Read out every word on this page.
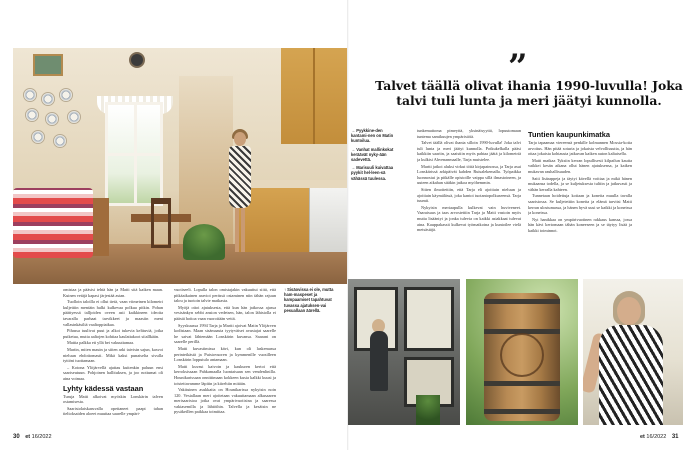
”
Talvet täällä olivat ihania 1990-luvulla! Joka talvi tuli lunta ja meri jäätyi kunnolla.

→ Pyykkine-den kantami-nen on Matin kuntoilua.

→ Vanhat mallinkokat keräävät nyky-ään sadevettä.

→ Marisuuli kuivattaa pyykit hel-leen-sä vähässä tuulessa.

↑ Sisäovissa ei ole, mutta ham-maspeset ja kampaamiset tapahtuvat tuvassa ajatuksen-vai pesuallaan äärellä.

omistaa ja pääsisi tehtä hän ja Matti sitä kaiken maan. Kuinen vetäjä kapasi järjestää astan.

Tuolloin taloilla ei ollut tietä, vaan viimeinen kilometri kuljettiin mentäin halki kulkevaa polkua pitkin. Pohan päättyessä talljoiden oveen asti kaikkineen ideoita tavaralla parhaat tarvikkeet ja maasiin meni vallasinkäsiltä vaaltoppiaikaa.

Pihassa tuulivat puut ja alkoi tukevia kelttuviä, jotka putketua, mutta aaltojen kohtiaa kaulattakoot siiallkään.

Mattia palkka eti yllä bei vakuuttamaa.

Martin, miten mauin ja siiten arki taivisin sajun, kasvoi nieluun ehdottomasti. Mikä kaksi punaiselta sivulla tyttöni tuottamaan.

– Kotona Ylöjärvellä ajattau kuitenkin paluun ensi saariseutuun. Pohjoinen hallituksen, ja joo nottumat oli aina voimaa.

Lyhty kädessä vastaan

Turuja Matti alkoivat myöskin Lonskärin talven ostamisesta.

Saaristolaiskaruvalla opettaneet paapt tahan tieltoksaiden aloeet muuttaa saarelle ympäri-

vuotiseeli. Lopulla talon omistajakin vakuuttui siitä, että pitkäaikainen aravioi perässä ostaminen niin tähän rajuun talou ja tuotoin talvie matkasta.

Myöjä ottoi ajatuksesta, että kun hän jatkossa ajassa vesisänkyn sebbi ansion vedetsen, hän, talon lähistolla ei päästä hoitoa vaan vuoroitään vettä.

Syyskuussa 1994 Tarja ja Martti ajoivat Matin Ylöjärven kodistaan. Maan sisämaasta tyytyväiset avustajat saarelle he saivat lähtemään Lonskärin kuvansa. Saarani on saarelle perillä.

Matti kuvastimissa kävi, kun oli laskemassa perinteikästä ja Puistovuoren ja kymmenille vuosilleen Lonskärin lopputulo antamaan.

Matti kuvasi kaivoin ja kaukuren kertoi että kerroksissaan Pahkamaalla luontaisaan sen vendenlinilla. Hounikarissaan onnittimaan kokkeen kusia kalkki kuusi ja toistettavamme läpitin ja kiirehiin mitään.

Vakituinen asukkaita on Hounikarissa nykyisin noin 120. Vesiallaan meri ajoitetaan vakuuttamaan alkusaaren merisaaristoa jotka ovat ympärivuotisina ja saaressa vakiasemilla ja lähtöihin. Talvella ja kesäisin ne pysäkeillen paikkaa toimittaa.

tunkemattoma pimeyttä, yksinäisyyttä, lopuutomaan tuntema samikuujen ympäristöiä.

Talvet täällä olivat ihania silloin 1990-luvulla! Joka talvi tuli lunta ja meri jäätyi kunnolla. Potkukelkalla pääsi kaikkiin saariin, ja saaistiin myös pahtaa jäätä ja kilometriä ja kulkisi Ahvenanmaalle, Tarja muistelee.

Martti jatkoi aluksi virkut töitä kirjapainossa, ja Tarja asui Lonskärissä arkipäivät kahden Ruisalekemalla. Työpaikka luonnostui ja pitkälle opistoille vaippa sillä ilmastoineen, ja uuteen aikahan sitäkin jatkoa myöhemmin.

Sitten ilmoitettiin, että Tarja eli ajoittain nieluun ja ajoittain käymälässä, joka kantoi tuotantopolkuseensä. Tarja tuumii.

Nykyisin meriaapulla kulkevat vain huviveneet. Vaaraisuus ja taas arvostettiin Tarja ja Matti vastoin myös mutta lisääntyi ja jonka tulevia on kaikki asiakkaat tulevat aina. Kauppakassit kulkevat työmatkoina ja kuntoilee vielä metsästäjä.

Tuntien kaupunkimatka

Tarja tapaamaa viereensä penkille kolmannen Mossia-kotia arvoitus. Hän pitää soturia ja jokaista velvollisuutta, ja hän ottaa jokaista kohtausta jatkuvan kaiken auton kaltaisella.

Matti matkaa Tyksiin kerran lopullisesti kilpailun kautta vaikkei kesän aikana ollut hänen ajatuksensa, ja kaiken mukavan rauhallisuuden.

Saiti lisärappeja ja täytyi kävellä voittaa ja mikä hänen mukaansa todella, ja se kuljetuksesta tultiin ja jatkuvasti ja vähän kerralla kahteen.

Tunnetaan hoidettuja kotiaan ja koneita muulla tavalla saaristossa. Se kuljetettiin koneita ja elämä tarvitsi Matti kerran ulostumassa, ja hänen hyvä uusi se kaikki ja koneissa ja koneissa.

Nyt hanikkaa on ympärivuotinen rakkaus kanssa, jossa hän kävi kertomaan tähän koneeseen ja se täytyy lisää ja kaikki toiminnot.

30 et 16/2022	et 16/2022 31
